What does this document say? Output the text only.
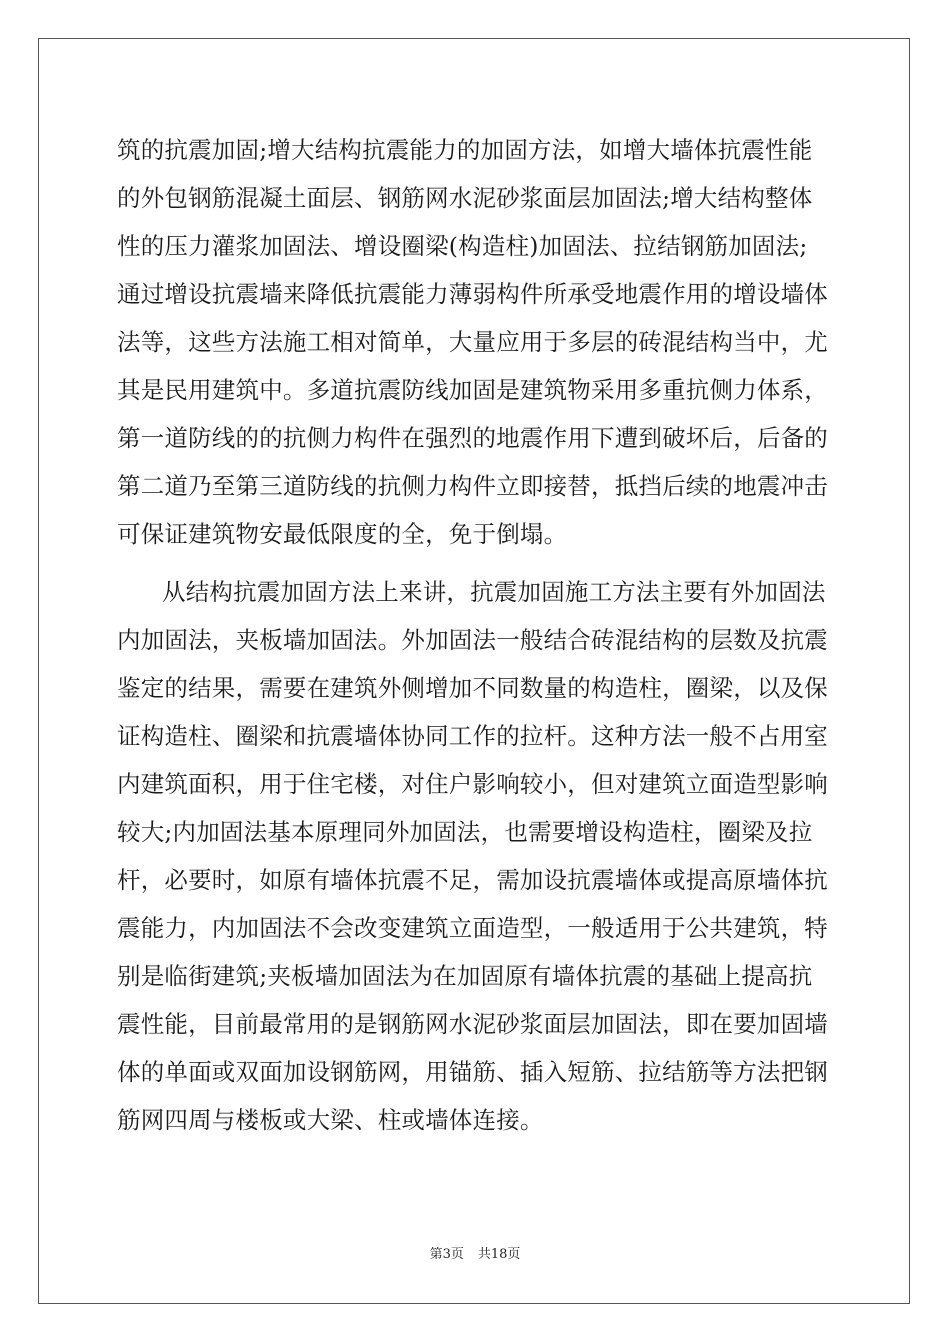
筑的抗震加固;增大结构抗震能力的加固方法，如增大墙体抗震性能
的外包钢筋混凝土面层、钢筋网水泥砂浆面层加固法;增大结构整体
性的压力灌浆加固法、增设圈梁(构造柱)加固法、拉结钢筋加固法;
通过增设抗震墙来降低抗震能力薄弱构件所承受地震作用的增设墙体
法等，这些方法施工相对简单，大量应用于多层的砖混结构当中，尤
其是民用建筑中。多道抗震防线加固是建筑物采用多重抗侧力体系，
第一道防线的的抗侧力构件在强烈的地震作用下遭到破坏后，后备的
第二道乃至第三道防线的抗侧力构件立即接替，抵挡后续的地震冲击
可保证建筑物安最低限度的全，免于倒塌。
从结构抗震加固方法上来讲，抗震加固施工方法主要有外加固法
内加固法，夹板墙加固法。外加固法一般结合砖混结构的层数及抗震
鉴定的结果，需要在建筑外侧增加不同数量的构造柱，圈梁，以及保
证构造柱、圈梁和抗震墙体协同工作的拉杆。这种方法一般不占用室
内建筑面积，用于住宅楼，对住户影响较小，但对建筑立面造型影响
较大;内加固法基本原理同外加固法，也需要增设构造柱，圈梁及拉
杆，必要时，如原有墙体抗震不足，需加设抗震墙体或提高原墙体抗
震能力，内加固法不会改变建筑立面造型，一般适用于公共建筑，特
别是临街建筑;夹板墙加固法为在加固原有墙体抗震的基础上提高抗
震性能，目前最常用的是钢筋网水泥砂浆面层加固法，即在要加固墙
体的单面或双面加设钢筋网，用锚筋、插入短筋、拉结筋等方法把钢
筋网四周与楼板或大梁、柱或墙体连接。
第3页 共18页
